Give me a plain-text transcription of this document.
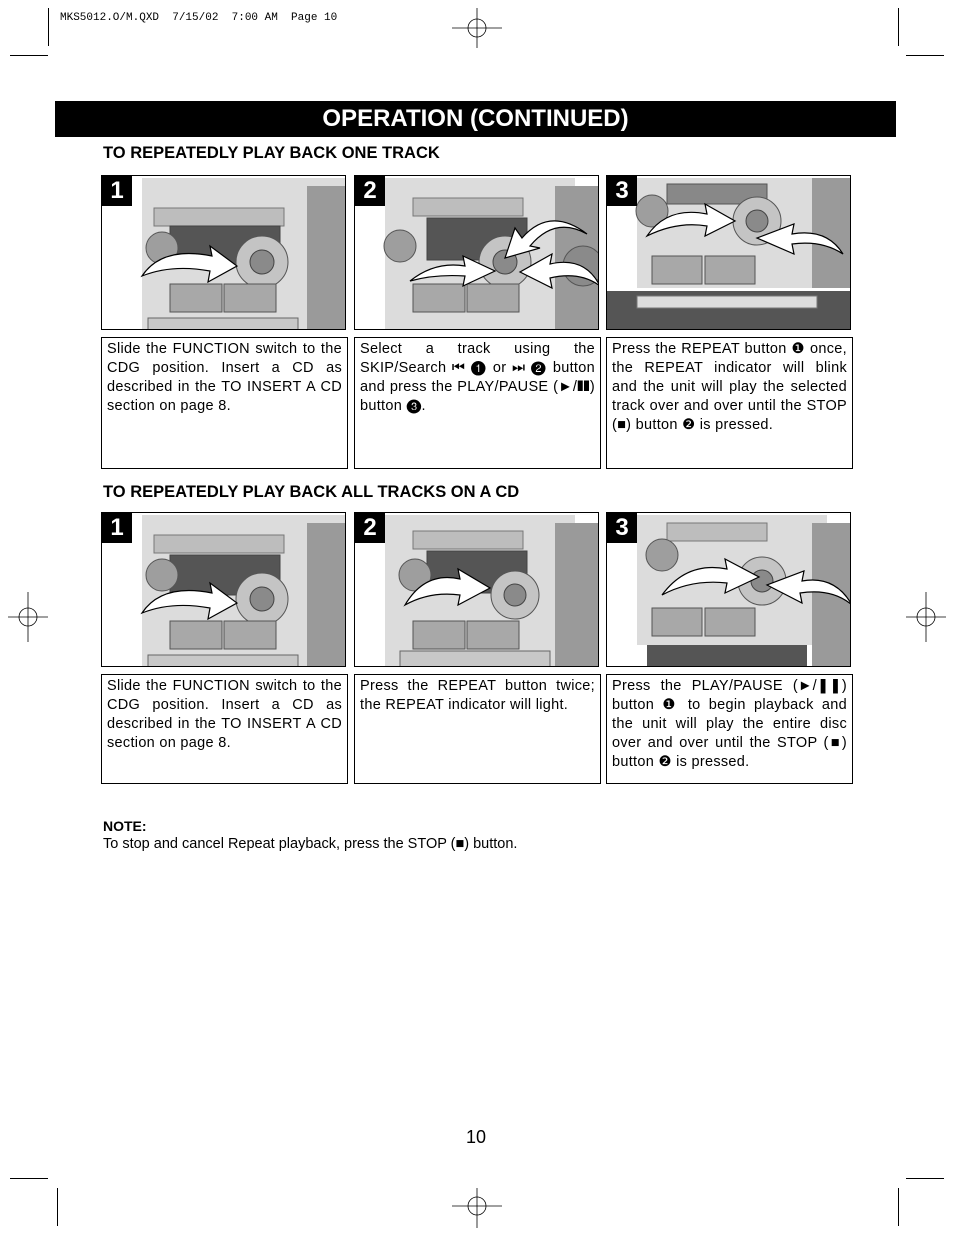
MKS5012.O/M.QXD  7/15/02  7:00 AM  Page 10
OPERATION (CONTINUED)
TO REPEATEDLY PLAY BACK ONE TRACK
TO REPEATEDLY PLAY BACK ALL TRACKS ON A CD
1	2	3
Slide the FUNCTION switch to the CDG position. Insert a CD as described in the TO INSERT A CD section on page 8.
Select a track using the SKIP/Search ⏮ ❶ or ⏭ ❷ button and press the PLAY/PAUSE (►/❚❚) button ❸.
Press the REPEAT button ❶ once, the REPEAT indicator will blink and the unit will play the selected track over and over until the STOP (■) button ❷ is pressed.
1	2	3
Slide the FUNCTION switch to the CDG position. Insert a CD as described in the TO INSERT A CD section on page 8.
Press the REPEAT button twice; the REPEAT indicator will light.
Press the PLAY/PAUSE (►/❚❚) button ❶ to begin playback and the unit will play the entire disc over and over until the STOP (■) button ❷ is pressed.
NOTE:
To stop and cancel Repeat playback, press the STOP (■) button.
10
